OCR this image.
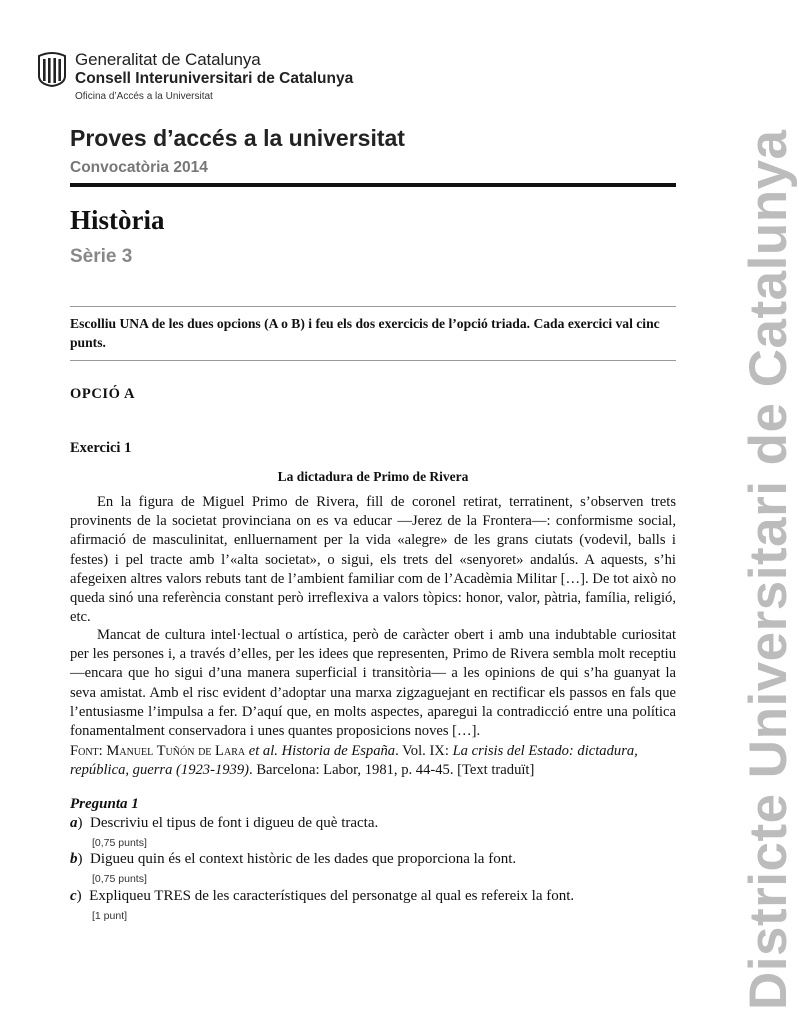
Generalitat de Catalunya
Consell Interuniversitari de Catalunya
Oficina d’Accés a la Universitat
Proves d’accés a la universitat
Convocatòria 2014
Història
Sèrie 3
Escolliu UNA de les dues opcions (A o B) i feu els dos exercicis de l’opció triada. Cada exercici val cinc punts.
OPCIÓ A
Exercici 1
La dictadura de Primo de Rivera

En la figura de Miguel Primo de Rivera, fill de coronel retirat, terratinent, s’observen trets provinents de la societat provinciana on es va educar —Jerez de la Frontera—: conformisme social, afirmació de masculinitat, enlluernament per la vida «alegre» de les grans ciutats (vodevil, balls i festes) i pel tracte amb l’«alta societat», o sigui, els trets del «senyoret» andalús. A aquests, s’hi afegeixen altres valors rebuts tant de l’ambient familiar com de l’Acadèmia Militar […]. De tot això no queda sinó una referència constant però irreflexiva a valors tòpics: honor, valor, pàtria, família, religió, etc.

Mancat de cultura intel·lectual o artística, però de caràcter obert i amb una indubtable curiositat per les persones i, a través d’elles, per les idees que representen, Primo de Rivera sembla molt receptiu —encara que ho sigui d’una manera superficial i transitòria— a les opinions de qui s’ha guanyat la seva amistat. Amb el risc evident d’adoptar una marxa zigzaguejant en rectificar els passos en fals que l’entusiasme l’impulsa a fer. D’aquí que, en molts aspectes, aparegui la contradicció entre una política fonamentalment conservadora i unes quantes proposicions noves […].

Font: Manuel Tuñón de Lara et al. Historia de España. Vol. IX: La crisis del Estado: dictadura, república, guerra (1923-1939). Barcelona: Labor, 1981, p. 44-45. [Text traduït]
Pregunta 1
a)  Descriviu el tipus de font i digueu de què tracta.
[0,75 punts]
b)  Digueu quin és el context històric de les dades que proporciona la font.
[0,75 punts]
c)  Expliqueu TRES de les característiques del personatge al qual es refereix la font.
[1 punt]	Districte Universitari de Catalunya
